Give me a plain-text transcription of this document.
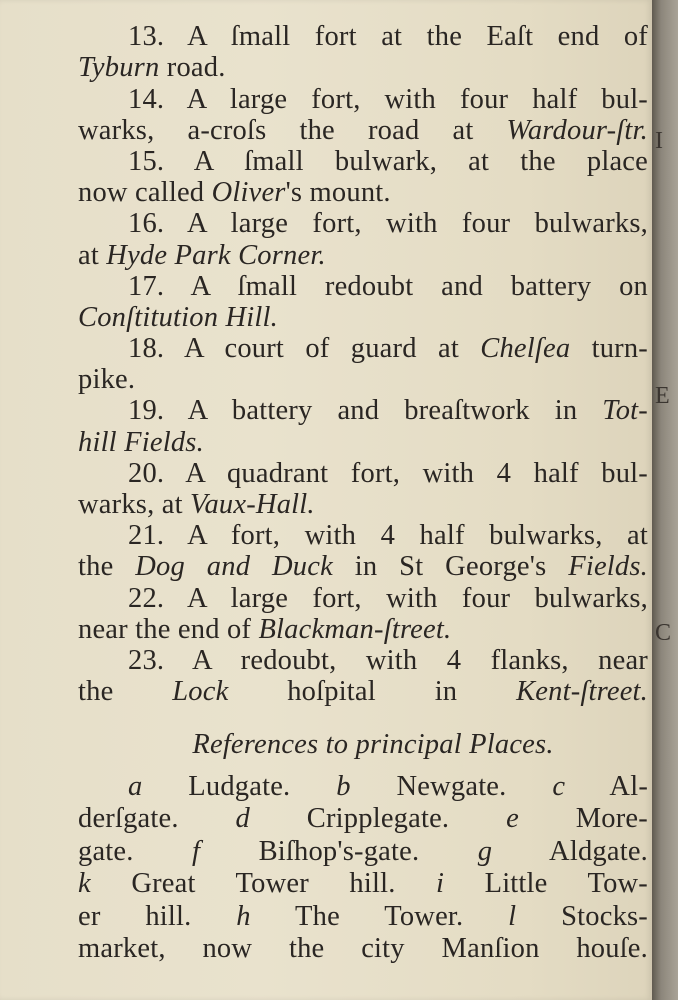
13. A ſmall fort at the Eaſt end of
Tyburn road.
14. A large fort, with four half bul-
warks, a-croſs the road at Wardour-ſtr.
15. A ſmall bulwark, at the place
now called Oliver's mount.
16. A large fort, with four bulwarks,
at Hyde Park Corner.
17. A ſmall redoubt and battery on
Conſtitution Hill.
18. A court of guard at Chelſea turn-
pike.
19. A battery and breaſtwork in Tot-
hill Fields.
20. A quadrant fort, with 4 half bul-
warks, at Vaux-Hall.
21. A fort, with 4 half bulwarks, at
the Dog and Duck in St George's Fields.
22. A large fort, with four bulwarks,
near the end of Blackman-ſtreet.
23. A redoubt, with 4 flanks, near
the Lock hoſpital in Kent-ſtreet.
References to principal Places.
a Ludgate. b Newgate. c Al-
derſgate. d Cripplegate. e More-
gate. f Biſhop's-gate. g Aldgate.
k Great Tower hill. i Little Tow-
er hill. h The Tower. l Stocks-
market, now the city Manſion houſe.
I
E
C
